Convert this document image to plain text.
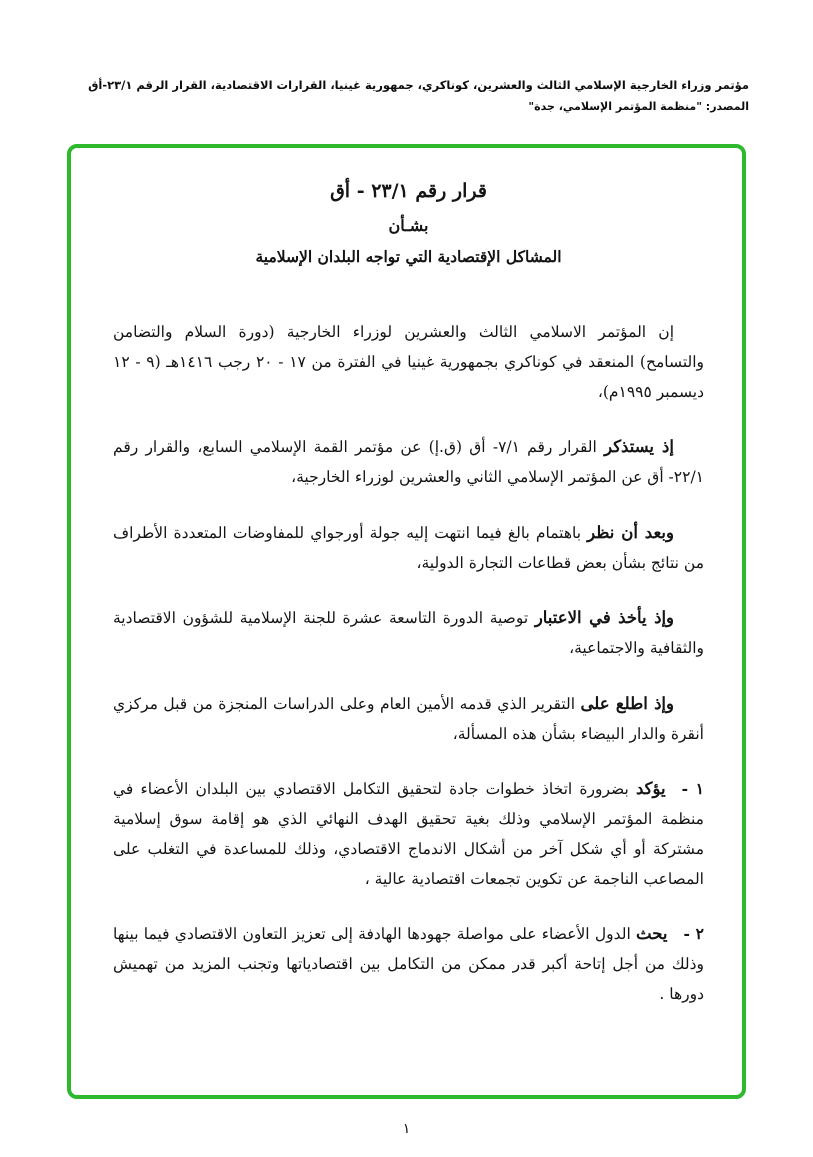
مؤتمر وزراء الخارجية الإسلامي الثالث والعشرين، كوناكري، جمهورية غينيا، القرارات الاقتصادية، القرار الرقم ٢٣/١-أق
المصدر: "منظمة المؤتمر الإسلامي، جدة"
قرار رقم ٢٣/١ - أق
بشـأن
المشاكل الإقتصادية التي تواجه البلدان الإسلامية

إن المؤتمر الاسلامي الثالث والعشرين لوزراء الخارجية (دورة السلام والتضامن والتسامح) المنعقد في كوناكري بجمهورية غينيا في الفترة من ١٧ - ٢٠ رجب ١٤١٦هـ (٩ - ١٢ ديسمبر ١٩٩٥م)،

إذ يستذكر القرار رقم ٧/١- أق (ق.إ) عن مؤتمر القمة الإسلامي السابع، والقرار رقم ٢٢/١- أق عن المؤتمر الإسلامي الثاني والعشرين لوزراء الخارجية،

وبعد أن نظر باهتمام بالغ فيما انتهت إليه جولة أورجواي للمفاوضات المتعددة الأطراف من نتائج بشأن بعض قطاعات التجارة الدولية،

وإذ يأخذ في الاعتبار توصية الدورة التاسعة عشرة للجنة الإسلامية للشؤون الاقتصادية والثقافية والاجتماعية،

وإذ اطلع على التقرير الذي قدمه الأمين العام وعلى الدراسات المنجزة من قبل مركزي أنقرة والدار البيضاء بشأن هذه المسألة،

١ -يؤكد بضرورة اتخاذ خطوات جادة لتحقيق التكامل الاقتصادي بين البلدان الأعضاء في منظمة المؤتمر الإسلامي وذلك بغية تحقيق الهدف النهائي الذي هو إقامة سوق إسلامية مشتركة أو أي شكل آخر من أشكال الاندماج الاقتصادي، وذلك للمساعدة في التغلب على المصاعب الناجمة عن تكوين تجمعات اقتصادية عالية ،

٢ -يحث الدول الأعضاء على مواصلة جهودها الهادفة إلى تعزيز التعاون الاقتصادي فيما بينها وذلك من أجل إتاحة أكبر قدر ممكن من التكامل بين اقتصادياتها وتجنب المزيد من تهميش دورها .

١
